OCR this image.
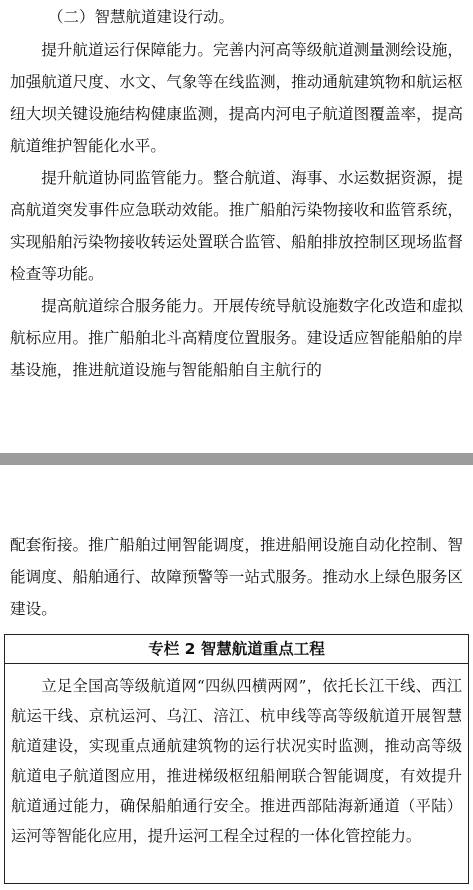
（二）智慧航道建设行动。

提升航道运行保障能力。完善内河高等级航道测量测绘设施，加强航道尺度、水文、气象等在线监测，推动通航建筑物和航运枢纽大坝关键设施结构健康监测，提高内河电子航道图覆盖率，提高航道维护智能化水平。

提升航道协同监管能力。整合航道、海事、水运数据资源，提高航道突发事件应急联动效能。推广船舶污染物接收和监管系统，实现船舶污染物接收转运处置联合监管、船舶排放控制区现场监督检查等功能。

提高航道综合服务能力。开展传统导航设施数字化改造和虚拟航标应用。推广船舶北斗高精度位置服务。建设适应智能船舶的岸基设施，推进航道设施与智能船舶自主航行的

配套衔接。推广船舶过闸智能调度，推进船闸设施自动化控制、智能调度、船舶通行、故障预警等一站式服务。推动水上绿色服务区建设。

专栏 2 智慧航道重点工程

立足全国高等级航道网“四纵四横两网”，依托长江干线、西江航运干线、京杭运河、乌江、涪江、杭申线等高等级航道开展智慧航道建设，实现重点通航建筑物的运行状况实时监测，推动高等级航道电子航道图应用，推进梯级枢纽船闸联合智能调度，有效提升航道通过能力，确保船舶通行安全。推进西部陆海新通道（平陆）运河等智能化应用，提升运河工程全过程的一体化管控能力。
